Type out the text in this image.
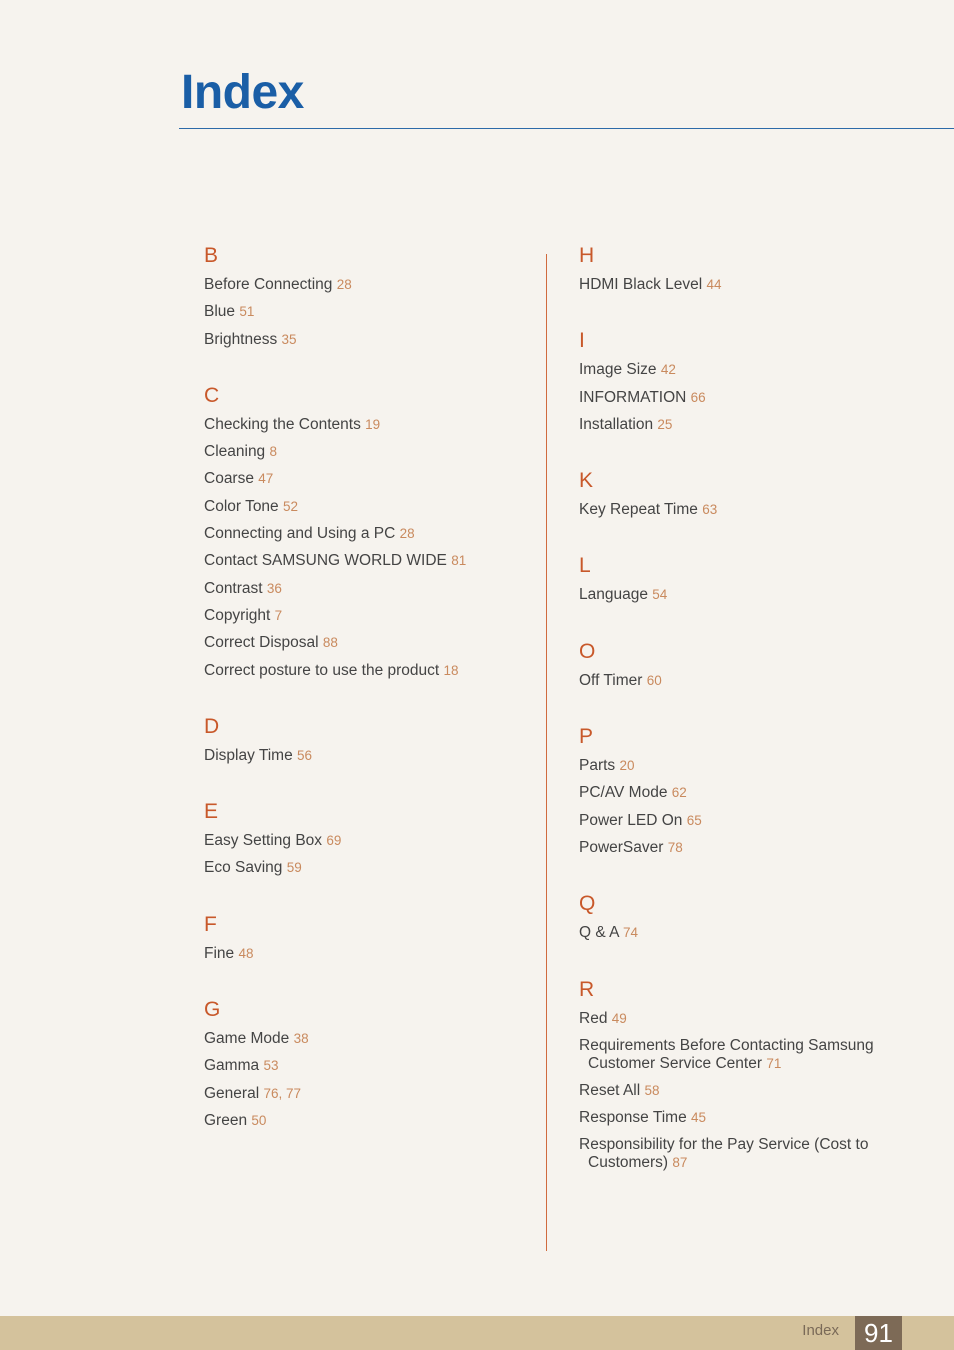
Index
B
Before Connecting 28
Blue 51
Brightness 35
C
Checking the Contents 19
Cleaning 8
Coarse 47
Color Tone 52
Connecting and Using a PC 28
Contact SAMSUNG WORLD WIDE 81
Contrast 36
Copyright 7
Correct Disposal 88
Correct posture to use the product 18
D
Display Time 56
E
Easy Setting Box 69
Eco Saving 59
F
Fine 48
G
Game Mode 38
Gamma 53
General 76, 77
Green 50
H
HDMI Black Level 44
I
Image Size 42
INFORMATION 66
Installation 25
K
Key Repeat Time 63
L
Language 54
O
Off Timer 60
P
Parts 20
PC/AV Mode 62
Power LED On 65
PowerSaver 78
Q
Q & A 74
R
Red 49
Requirements Before Contacting Samsung Customer Service Center 71
Reset All 58
Response Time 45
Responsibility for the Pay Service (Cost to Customers) 87
Index 91
